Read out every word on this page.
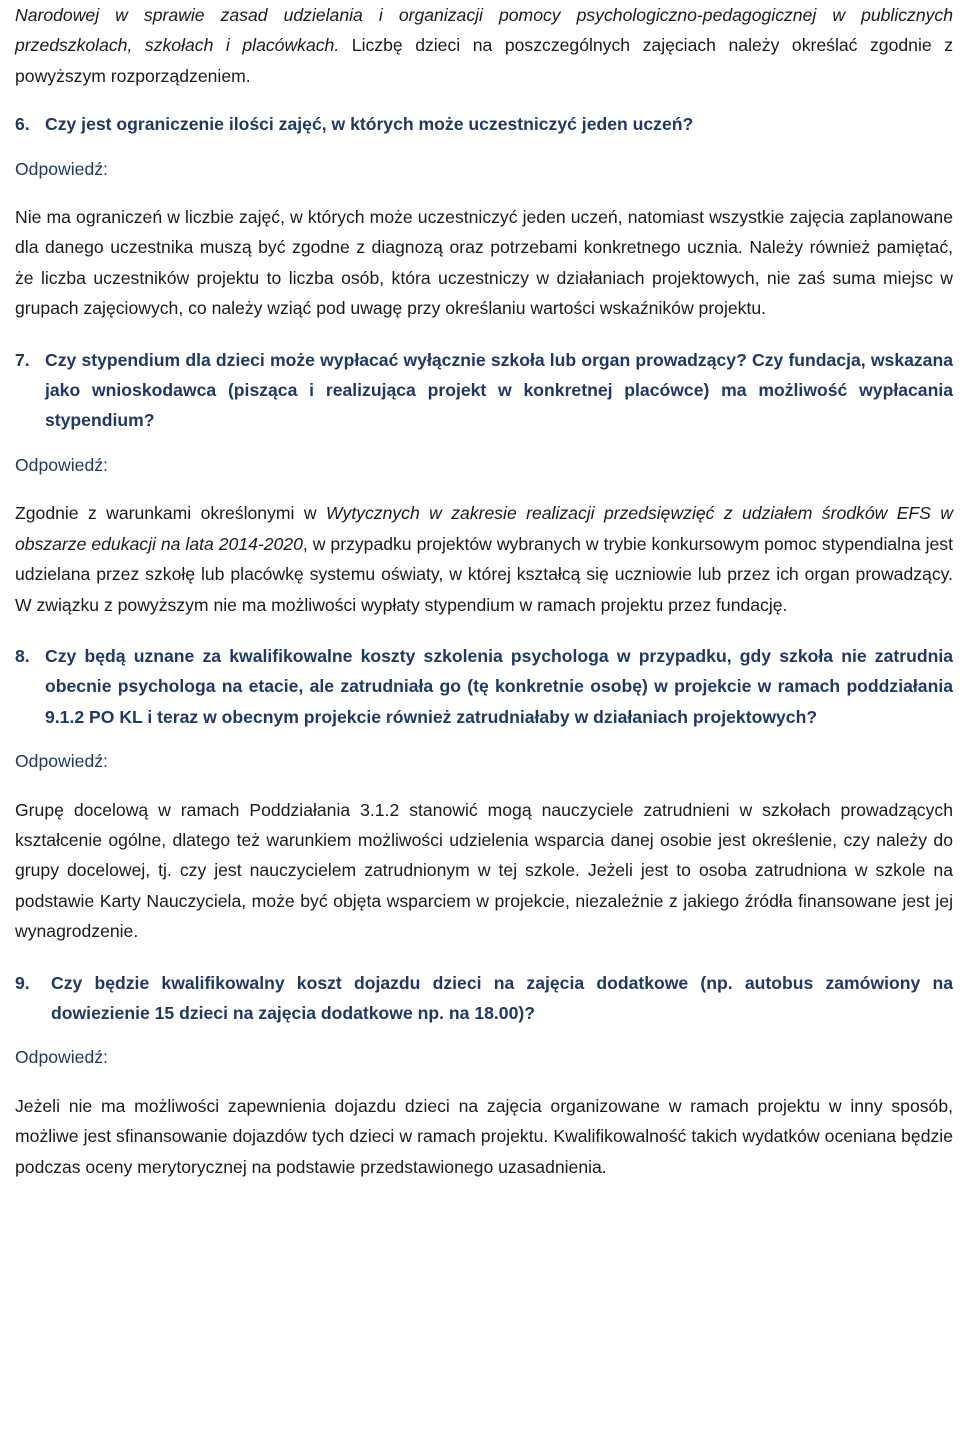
Narodowej w sprawie zasad udzielania i organizacji pomocy psychologiczno-pedagogicznej w publicznych przedszkolach, szkołach i placówkach. Liczbę dzieci na poszczególnych zajęciach należy określać zgodnie z powyższym rozporządzeniem.

6. Czy jest ograniczenie ilości zajęć, w których może uczestniczyć jeden uczeń?

Odpowiedź:

Nie ma ograniczeń w liczbie zajęć, w których może uczestniczyć jeden uczeń, natomiast wszystkie zajęcia zaplanowane dla danego uczestnika muszą być zgodne z diagnozą oraz potrzebami konkretnego ucznia. Należy również pamiętać, że liczba uczestników projektu to liczba osób, która uczestniczy w działaniach projektowych, nie zaś suma miejsc w grupach zajęciowych, co należy wziąć pod uwagę przy określaniu wartości wskaźników projektu.

7. Czy stypendium dla dzieci może wypłacać wyłącznie szkoła lub organ prowadzący? Czy fundacja, wskazana jako wnioskodawca (pisząca i realizująca projekt w konkretnej placówce) ma możliwość wypłacania stypendium?

Odpowiedź:

Zgodnie z warunkami określonymi w Wytycznych w zakresie realizacji przedsięwzięć z udziałem środków EFS w obszarze edukacji na lata 2014-2020, w przypadku projektów wybranych w trybie konkursowym pomoc stypendialna jest udzielana przez szkołę lub placówkę systemu oświaty, w której kształcą się uczniowie lub przez ich organ prowadzący. W związku z powyższym nie ma możliwości wypłaty stypendium w ramach projektu przez fundację.

8. Czy będą uznane za kwalifikowalne koszty szkolenia psychologa w przypadku, gdy szkoła nie zatrudnia obecnie psychologa na etacie, ale zatrudniała go (tę konkretnie osobę) w projekcie w ramach poddziałania 9.1.2 PO KL i teraz w obecnym projekcie również zatrudniałaby w działaniach projektowych?

Odpowiedź:

Grupę docelową w ramach Poddziałania 3.1.2 stanowić mogą nauczyciele zatrudnieni w szkołach prowadzących kształcenie ogólne, dlatego też warunkiem możliwości udzielenia wsparcia danej osobie jest określenie, czy należy do grupy docelowej, tj. czy jest nauczycielem zatrudnionym w tej szkole. Jeżeli jest to osoba zatrudniona w szkole na podstawie Karty Nauczyciela, może być objęta wsparciem w projekcie, niezależnie z jakiego źródła finansowane jest jej wynagrodzenie.

9.	Czy będzie kwalifikowalny koszt dojazdu dzieci na zajęcia dodatkowe (np. autobus zamówiony na dowiezienie 15 dzieci na zajęcia dodatkowe np. na 18.00)?

Odpowiedź:

Jeżeli nie ma możliwości zapewnienia dojazdu dzieci na zajęcia organizowane w ramach projektu w inny sposób, możliwe jest sfinansowanie dojazdów tych dzieci w ramach projektu. Kwalifikowalność takich wydatków oceniana będzie podczas oceny merytorycznej na podstawie przedstawionego uzasadnienia.
